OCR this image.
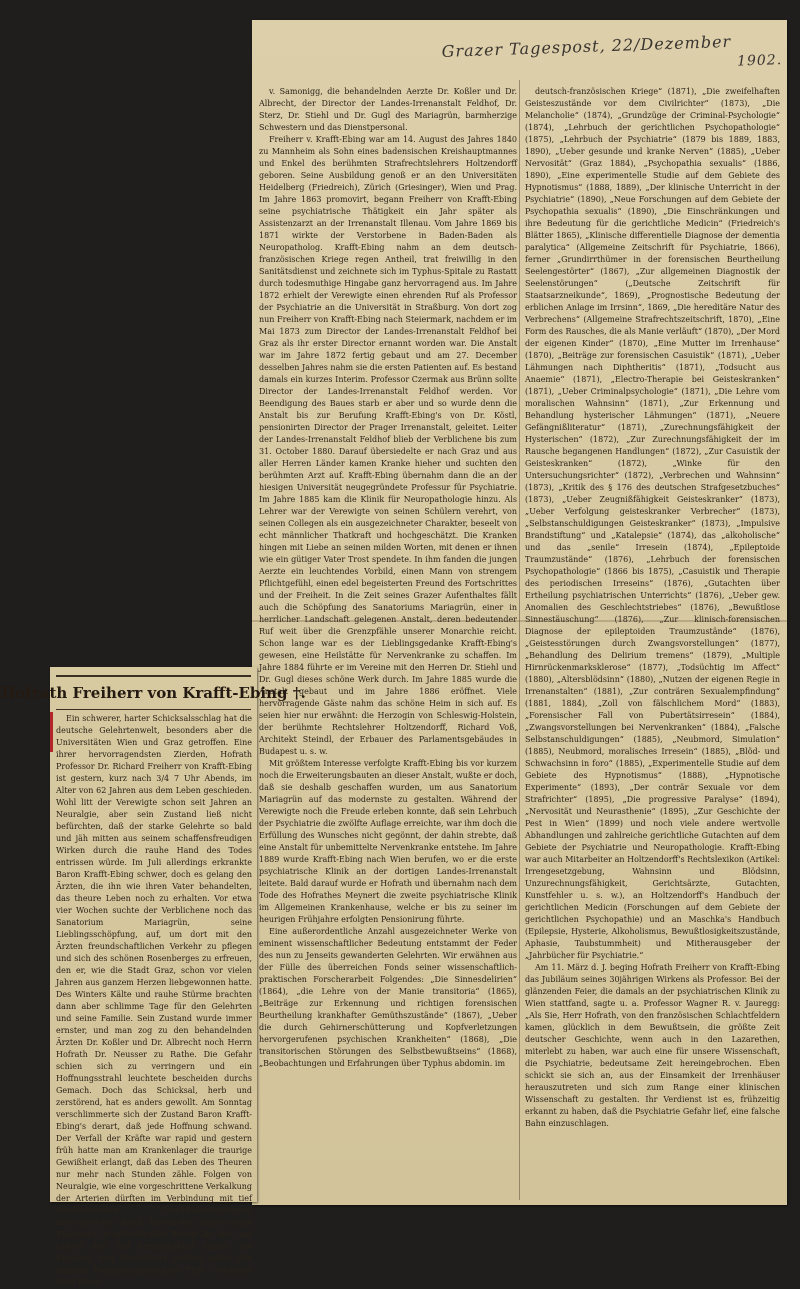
Grazer Tagespost, 22/Dezember 1902.

v. Samonigg, die behandelnden Aerzte Dr. Koßler und Dr. Albrecht, der Director der Landes-Irrenanstalt Feldhof, Dr. Sterz, Dr. Stiehl und Dr. Gugl des Mariagrün, barmherzige Schwestern und das Dienstpersonal.

Freiherr v. Krafft-Ebing war am 14. August des Jahres 1840 zu Mannheim als Sohn eines badensischen Kreishauptmannes und Enkel des berühmten Strafrechtslehrers Holtzendorff geboren. Seine Ausbildung genoß er an den Universitäten Heidelberg (Friedreich), Zürich (Griesinger), Wien und Prag. Im Jahre 1863 promovirt, begann Freiherr von Krafft-Ebing seine psychiatrische Thätigkeit ein Jahr später als Assistenzarzt an der Irrenanstalt Illenau. Vom Jahre 1869 bis 1871 wirkte der Verstorbene in Baden-Baden als Neuropatholog. Krafft-Ebing nahm an dem deutsch-französischen Kriege regen Antheil, trat freiwillig in den Sanitätsdienst und zeichnete sich im Typhus-Spitale zu Rastatt durch todesmuthige Hingabe ganz hervorragend aus. Im Jahre 1872 erhielt der Verewigte einen ehrenden Ruf als Professor der Psychiatrie an die Universität in Straßburg. Von dort zog nun Freiherr von Krafft-Ebing nach Steiermark, nachdem er im Mai 1873 zum Director der Landes-Irrenanstalt Feldhof bei Graz als ihr erster Director ernannt worden war. Die Anstalt war im Jahre 1872 fertig gebaut und am 27. December desselben Jahres nahm sie die ersten Patienten auf. Es bestand damals ein kurzes Interim. Professor Czermak aus Brünn sollte Director der Landes-Irrenanstalt Feldhof werden. Vor Beendigung des Baues starb er aber und so wurde denn die Anstalt bis zur Berufung Krafft-Ebing's von Dr. Köstl, pensionirten Director der Prager Irrenanstalt, geleitet. Leiter der Landes-Irrenanstalt Feldhof blieb der Verblichene bis zum 31. October 1880. Darauf übersiedelte er nach Graz und aus aller Herren Länder kamen Kranke hieher und suchten den berühmten Arzt auf. Krafft-Ebing übernahm dann die an der hiesigen Universität neugegründete Professur für Psychiatrie. Im Jahre 1885 kam die Klinik für Neuropathologie hinzu. Als Lehrer war der Verewigte von seinen Schülern verehrt, von seinen Collegen als ein ausgezeichneter Charakter, beseelt von echt männlicher Thatkraft und hochgeschätzt. Die Kranken hingen mit Liebe an seinen milden Worten, mit denen er ihnen wie ein gütiger Vater Trost spendete. In ihm fanden die jungen Aerzte ein leuchtendes Vorbild, einen Mann von strengem Pflichtgefühl, einen edel begeisterten Freund des Fortschrittes und der Freiheit. In die Zeit seines Grazer Aufenthaltes fällt auch die Schöpfung des Sanatoriums Mariagrün, einer in herrlicher Landschaft gelegenen Anstalt, deren bedeutender Ruf weit über die Grenzpfähle unserer Monarchie reicht. Schon lange war es der Lieblingsgedanke Krafft-Ebing's gewesen, eine Heilstätte für Nervenkranke zu schaffen. Im Jahre 1884 führte er im Vereine mit den Herren Dr. Stiehl und Dr. Gugl dieses schöne Werk durch. Im Jahre 1885 wurde die Anstalt gebaut und im Jahre 1886 eröffnet. Viele hervorragende Gäste nahm das schöne Heim in sich auf. Es seien hier nur erwähnt: die Herzogin von Schleswig-Holstein, der berühmte Rechtslehrer Holtzendorff, Richard Voß, Architekt Steindl, der Erbauer des Parlamentsgebäudes in Budapest u. s. w.

Mit größtem Interesse verfolgte Krafft-Ebing bis vor kurzem noch die Erweiterungsbauten an dieser Anstalt, wußte er doch, daß sie deshalb geschaffen wurden, um aus Sanatorium Mariagrün auf das modernste zu gestalten. Während der Verewigte noch die Freude erleben konnte, daß sein Lehrbuch der Psychiatrie die zwölfte Auflage erreichte, war ihm doch die Erfüllung des Wunsches nicht gegönnt, der dahin strebte, daß eine Anstalt für unbemittelte Nervenkranke entstehe. Im Jahre 1889 wurde Krafft-Ebing nach Wien berufen, wo er die erste psychiatrische Klinik an der dortigen Landes-Irrenanstalt leitete. Bald darauf wurde er Hofrath und übernahm nach dem Tode des Hofrathes Meynert die zweite psychiatrische Klinik im Allgemeinen Krankenhause, welche er bis zu seiner im heurigen Frühjahre erfolgten Pensionirung führte.

Eine außerordentliche Anzahl ausgezeichneter Werke von eminent wissenschaftlicher Bedeutung entstammt der Feder des nun zu Jenseits gewanderten Gelehrten. Wir erwähnen aus der Fülle des überreichen Fonds seiner wissenschaftlich-praktischen Forscherarbeit Folgendes: „Die Sinnesdelirien“ (1864), „die Lehre von der Manie transitoria“ (1865), „Beiträge zur Erkennung und richtigen forensischen Beurtheilung krankhafter Gemüthszustände“ (1867), „Ueber die durch Gehirnerschütterung und Kopfverletzungen hervorgerufenen psychischen Krankheiten“ (1868), „Die transitorischen Störungen des Selbstbewußtseins“ (1868), „Beobachtungen und Erfahrungen über Typhus abdomin. im

deutsch-französischen Kriege“ (1871), „Die zweifelhaften Geisteszustände vor dem Civilrichter“ (1873), „Die Melancholie“ (1874), „Grundzüge der Criminal-Psychologie“ (1874), „Lehrbuch der gerichtlichen Psychopathologie“ (1875), „Lehrbuch der Psychiatrie“ (1879 bis 1889, 1883, 1890), „Ueber gesunde und kranke Nerven“ (1885), „Ueber Nervosität“ (Graz 1884), „Psychopathia sexualis“ (1886, 1890), „Eine experimentelle Studie auf dem Gebiete des Hypnotismus“ (1888, 1889), „Der klinische Unterricht in der Psychiatrie“ (1890), „Neue Forschungen auf dem Gebiete der Psychopathia sexualis“ (1890), „Die Einschränkungen und ihre Bedeutung für die gerichtliche Medicin“ (Friedreich's Blätter 1865), „Klinische differentielle Diagnose der dementia paralytica“ (Allgemeine Zeitschrift für Psychiatrie, 1866), ferner „Grundirrthümer in der forensischen Beurtheilung Seelengestörter“ (1867), „Zur allgemeinen Diagnostik der Seelenstörungen“ („Deutsche Zeitschrift für Staatsarzneikunde“, 1869), „Prognostische Bedeutung der erblichen Anlage im Irrsinn“, 1869, „Die hereditäre Natur des Verbrechens“ (Allgemeine Strafrechtszeitschrift, 1870), „Eine Form des Rausches, die als Manie verläuft“ (1870), „Der Mord der eigenen Kinder“ (1870), „Eine Mutter im Irrenhause“ (1870), „Beiträge zur forensischen Casuistik“ (1871), „Ueber Lähmungen nach Diphtheritis“ (1871), „Todsucht aus Anaemie“ (1871), „Electro-Therapie bei Geisteskranken“ (1871), „Ueber Criminalpsychologie“ (1871), „Die Lehre vom moralischen Wahnsinn“ (1871), „Zur Erkennung und Behandlung hysterischer Lähmungen“ (1871), „Neuere Gefängnißliteratur“ (1871), „Zurechnungsfähigkeit der Hysterischen“ (1872), „Zur Zurechnungsfähigkeit der im Rausche begangenen Handlungen“ (1872), „Zur Casuistik der Geisteskranken“ (1872), „Winke für den Untersuchungsrichter“ (1872), „Verbrechen und Wahnsinn“ (1873), „Kritik des § 176 des deutschen Strafgesetzbuches“ (1873), „Ueber Zeugnißfähigkeit Geisteskranker“ (1873), „Ueber Verfolgung geisteskranker Verbrecher“ (1873), „Selbstanschuldigungen Geisteskranker“ (1873), „Impulsive Brandstiftung“ und „Katalepsie“ (1874), das „alkoholische“ und das „senile“ Irresein (1874), „Epileptoide Traumzustände“ (1876), „Lehrbuch der forensischen Psychopathologie“ (1866 bis 1875), „Casuistik und Therapie des periodischen Irreseins“ (1876), „Gutachten über Ertheilung psychiatrischen Unterrichts“ (1876), „Ueber gew. Anomalien des Geschlechtstriebes“ (1876), „Bewußtlose Sinnestäuschung“ (1876), „Zur klinisch-forensischen Diagnose der epileptoiden Traumzustände“ (1876), „Geistesstörungen durch Zwangsvorstellungen“ (1877), „Behandlung des Delirium tremens“ (1879), „Multiple Hirnrückenmarksklerose“ (1877), „Todsüchtig im Affect“ (1880), „Altersblödsinn“ (1880), „Nutzen der eigenen Regie in Irrenanstalten“ (1881), „Zur conträren Sexualempfindung“ (1881, 1884), „Zoll von fälschlichem Mord“ (1883), „Forensischer Fall von Pubertätsirresein“ (1884), „Zwangsvorstellungen bei Nervenkranken“ (1884), „Falsche Selbstanschuldigungen“ (1885), „Neubmord, Simulation“ (1885), Neubmord, moralisches Irresein“ (1885), „Blöd- und Schwachsinn in foro“ (1885), „Experimentelle Studie auf dem Gebiete des Hypnotismus“ (1888), „Hypnotische Experimente“ (1893), „Der conträr Sexuale vor dem Strafrichter“ (1895), „Die progressive Paralyse“ (1894), „Nervosität und Neurasthenie“ (1895), „Zur Geschichte der Pest in Wien“ (1899) und noch viele andere wertvolle Abhandlungen und zahlreiche gerichtliche Gutachten auf dem Gebiete der Psychiatrie und Neuropathologie. Krafft-Ebing war auch Mitarbeiter an Holtzendorff's Rechtslexikon (Artikel: Irrengesetzgebung, Wahnsinn und Blödsinn, Unzurechnungsfähigkeit, Gerichtsärzte, Gutachten, Kunstfehler u. s. w.), an Holtzendorff's Handbuch der gerichtlichen Medicin (Forschungen auf dem Gebiete der gerichtlichen Psychopathie) und an Maschka's Handbuch (Epilepsie, Hysterie, Alkoholismus, Bewußtlosigkeitszustände, Aphasie, Taubstummheit) und Mitherausgeber der „Jahrbücher für Psychiatrie.“

Am 11. März d. J. beging Hofrath Freiherr von Krafft-Ebing das Jubiläum seines 30jährigen Wirkens als Professor. Bei der glänzenden Feier, die damals an der psychiatrischen Klinik zu Wien stattfand, sagte u. a. Professor Wagner R. v. Jauregg: „Als Sie, Herr Hofrath, von den französischen Schlachtfeldern kamen, glücklich in dem Bewußtsein, die größte Zeit deutscher Geschichte, wenn auch in den Lazarethen, miterlebt zu haben, war auch eine für unsere Wissenschaft, die Psychiatrie, bedeutsame Zeit hereingebrochen. Eben schickt sie sich an, aus der Einsamkeit der Irrenhäuser herauszutreten und sich zum Range einer klinischen Wissenschaft zu gestalten. Ihr Verdienst ist es, frühzeitig erkannt zu haben, daß die Psychiatrie Gefahr lief, eine falsche Bahn einzuschlagen.

Hofrath Freiherr von Krafft-Ebing †.

Ein schwerer, harter Schicksalsschlag hat die deutsche Gelehrtenwelt, besonders aber die Universitäten Wien und Graz getroffen. Eine ihrer hervorragendsten Zierden, Hofrath Professor Dr. Richard Freiherr von Krafft-Ebing ist gestern, kurz nach 3/4 7 Uhr Abends, im Alter von 62 Jahren aus dem Leben geschieden. Wohl litt der Verewigte schon seit Jahren an Neuralgie, aber sein Zustand ließ nicht befürchten, daß der starke Gelehrte so bald und jäh mitten aus seinem schaffensfreudigen Wirken durch die rauhe Hand des Todes entrissen würde. Im Juli allerdings erkrankte Baron Krafft-Ebing schwer, doch es gelang den Ärzten, die ihn wie ihren Vater behandelten, das theure Leben noch zu erhalten. Vor etwa vier Wochen suchte der Verblichene noch das Sanatorium Mariagrün, seine Lieblingsschöpfung, auf, um dort mit den Ärzten freundschaftlichen Verkehr zu pflegen und sich des schönen Rosenberges zu erfreuen, den er, wie die Stadt Graz, schon vor vielen Jahren aus ganzem Herzen liebgewonnen hatte. Des Winters Kälte und rauhe Stürme brachten dann aber schlimme Tage für den Gelehrten und seine Familie. Sein Zustand wurde immer ernster, und man zog zu den behandelnden Ärzten Dr. Koßler und Dr. Albrecht noch Herrn Hofrath Dr. Neusser zu Rathe. Die Gefahr schien sich zu verringern und ein Hoffnungsstrahl leuchtete bescheiden durchs Gemach. Doch das Schicksal, herb und zerstörend, hat es anders gewollt. Am Sonntag verschlimmerte sich der Zustand Baron Krafft-Ebing's derart, daß jede Hoffnung schwand. Der Verfall der Kräfte war rapid und gestern früh hatte man am Krankenlager die traurige Gewißheit erlangt, daß das Leben des Theuren nur mehr nach Stunden zähle. Folgen von Neuralgie, wie eine vorgeschrittene Verkalkung der Arterien dürften im Verbindung mit tief erschütternden Gemüthsbewegungen, hervorgerufen durch übergroße angestrengte Thätigkeit im aufreibenden Berufe als Arzt und Lehrer den Tod herbeigeführt haben. Am Kranken- und Sterbebette weilten außer den engsten Familienangehörigen FZM. Geheimer Rath Ritter
